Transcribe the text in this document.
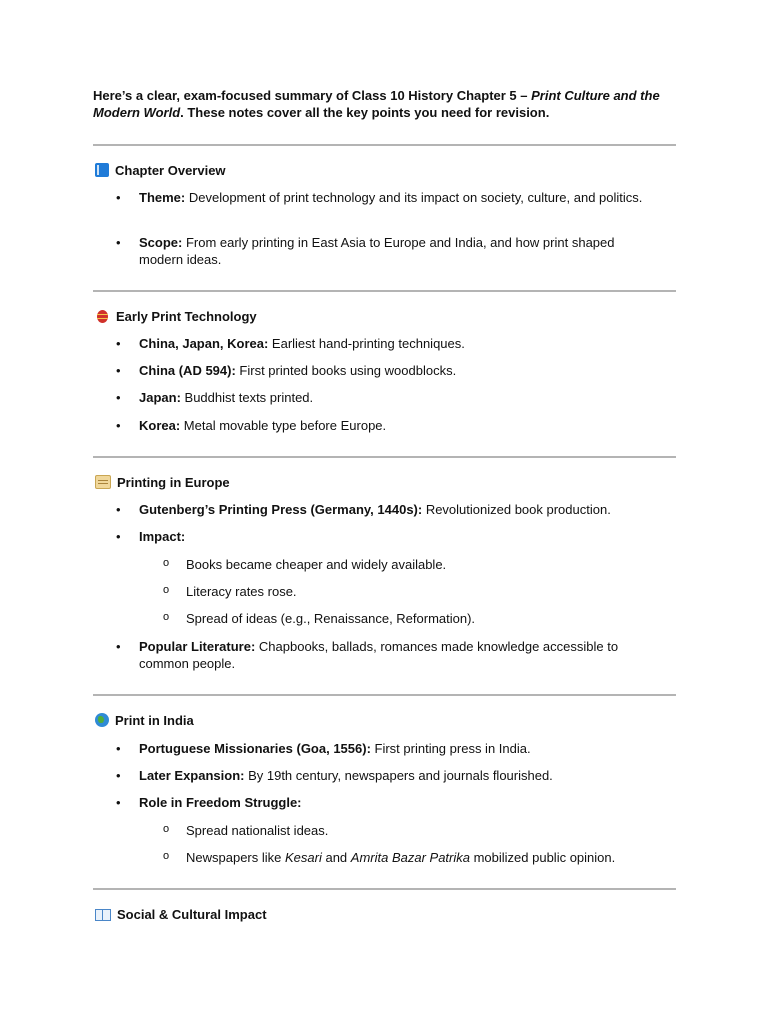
Here’s a clear, exam-focused summary of Class 10 History Chapter 5 – Print Culture and the Modern World. These notes cover all the key points you need for revision.
Chapter Overview
• Theme: Development of print technology and its impact on society, culture, and politics.
• Scope: From early printing in East Asia to Europe and India, and how print shaped modern ideas.
Early Print Technology
• China, Japan, Korea: Earliest hand-printing techniques.
• China (AD 594): First printed books using woodblocks.
• Japan: Buddhist texts printed.
• Korea: Metal movable type before Europe.
Printing in Europe
• Gutenberg’s Printing Press (Germany, 1440s): Revolutionized book production.
• Impact:
o Books became cheaper and widely available.
o Literacy rates rose.
o Spread of ideas (e.g., Renaissance, Reformation).
• Popular Literature: Chapbooks, ballads, romances made knowledge accessible to common people.
Print in India
• Portuguese Missionaries (Goa, 1556): First printing press in India.
• Later Expansion: By 19th century, newspapers and journals flourished.
• Role in Freedom Struggle:
o Spread nationalist ideas.
o Newspapers like Kesari and Amrita Bazar Patrika mobilized public opinion.
Social & Cultural Impact
